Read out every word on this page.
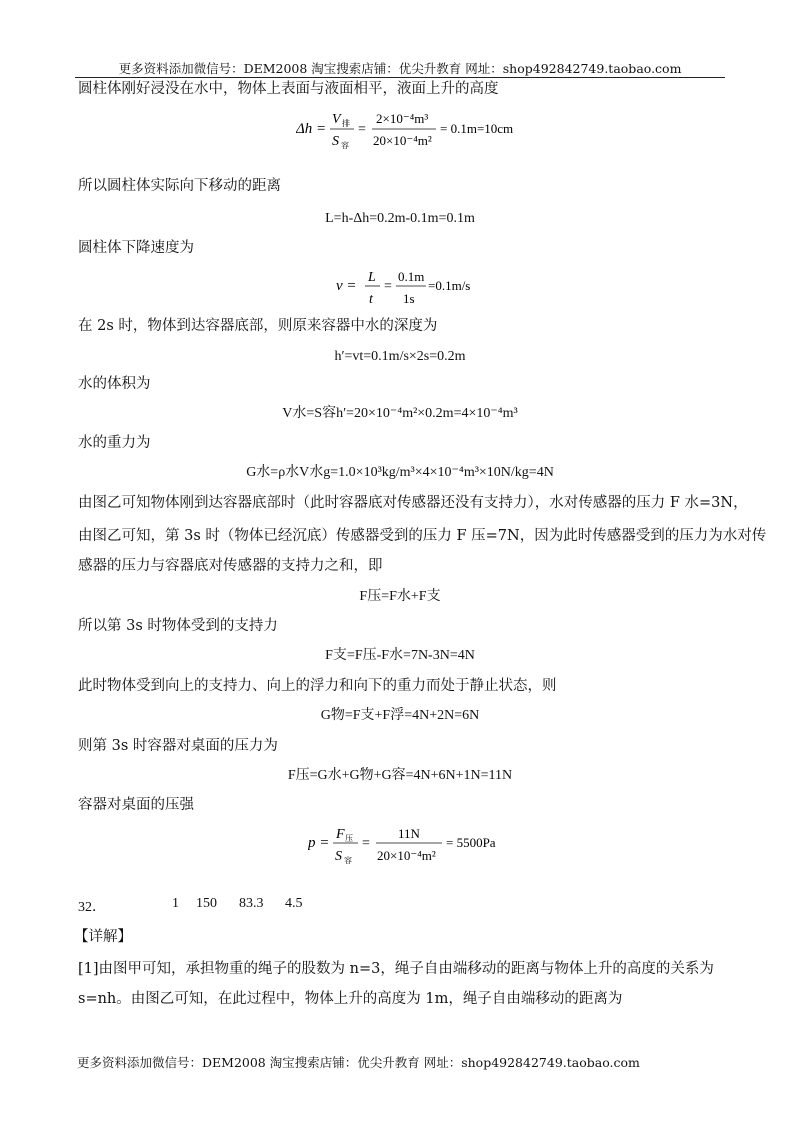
更多资料添加微信号：DEM2008 淘宝搜索店铺：优尖升教育 网址：shop492842749.taobao.com
圆柱体刚好浸没在水中，物体上表面与液面相平，液面上升的高度
Δh =
V 排
S 容
=
2×10⁻⁴m³
20×10⁻⁴m²
= 0.1m=10cm
所以圆柱体实际向下移动的距离
L=h-Δh=0.2m-0.1m=0.1m
圆柱体下降速度为
v =
L
t
=
0.1m
1s
=0.1m/s
在 2s 时，物体到达容器底部，则原来容器中水的深度为
h′=vt=0.1m/s×2s=0.2m
水的体积为
V水=S容h′=20×10⁻⁴m²×0.2m=4×10⁻⁴m³
水的重力为
G水=ρ水V水g=1.0×10³kg/m³×4×10⁻⁴m³×10N/kg=4N
由图乙可知物体刚到达容器底部时（此时容器底对传感器还没有支持力），水对传感器的压力 F 水=3N，
由图乙可知，第 3s 时（物体已经沉底）传感器受到的压力 F 压=7N，因为此时传感器受到的压力为水对传
感器的压力与容器底对传感器的支持力之和，即
F压=F水+F支
所以第 3s 时物体受到的支持力
F支=F压-F水=7N-3N=4N
此时物体受到向上的支持力、向上的浮力和向下的重力而处于静止状态，则
G物=F支+F浮=4N+2N=6N
则第 3s 时容器对桌面的压力为
F压=G水+G物+G容=4N+6N+1N=11N
容器对桌面的压强
p =
F 压
S 容
=
11N
20×10⁻⁴m²
= 5500Pa
32．	1 150 83.3 4.5
【详解】
[1]由图甲可知，承担物重的绳子的股数为 n=3，绳子自由端移动的距离与物体上升的高度的关系为
s=nh。由图乙可知，在此过程中，物体上升的高度为 1m，绳子自由端移动的距离为
更多资料添加微信号：DEM2008 淘宝搜索店铺：优尖升教育 网址：shop492842749.taobao.com
